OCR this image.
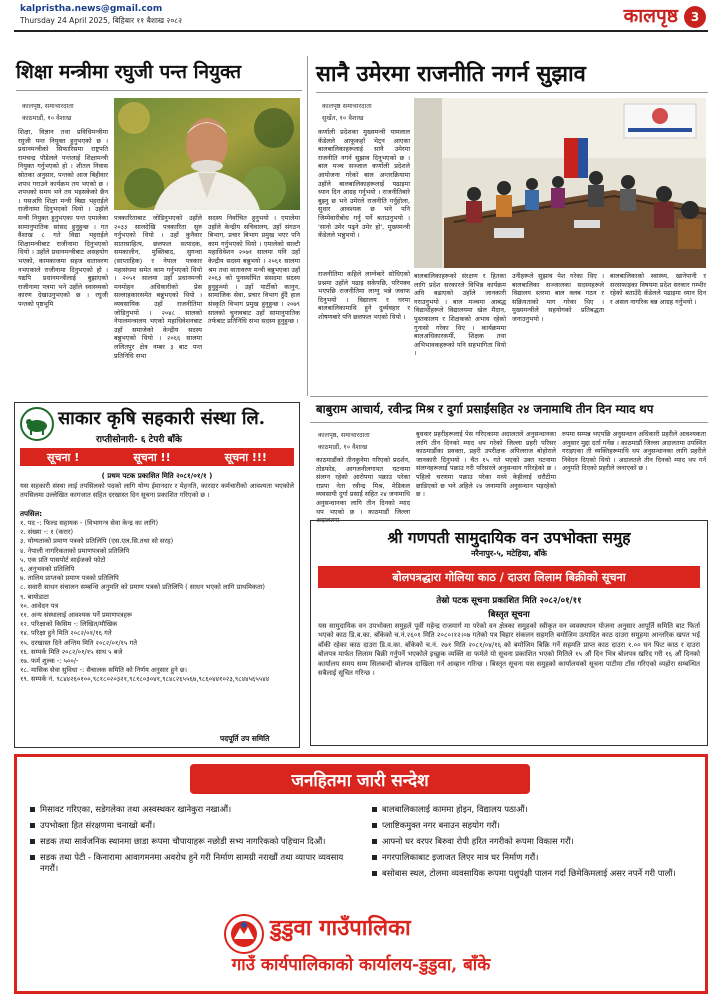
kalpristha.news@gmail.com
Thursday 24 April 2025, बिहिबार ११ बैशाख २०८२	कालपृष्ठ	3
शिक्षा मन्त्रीमा रघुजी पन्त नियुक्त
कालपृष्ठ, समाचारदाता
काठमाडौं, १० वैशाख
शिक्षा, विज्ञान तथा प्रविधिमन्त्रीमा रघुजी पन्त नियुक्त हुनुभएको छ । प्रधानमन्त्रीको सिफारिसमा राष्ट्रपति रामचन्द्र पौडेलले पन्तलाई शिक्षामन्त्री नियुक्त गर्नुभएको हो । शीतल निवास स्रोतका अनुसार, पन्तको आज बिहीवार शपथ गराउने कार्यक्रम तय भएको छ । शपथको समय भने तय भइसकेको छैन । यसअघि शिक्षा मन्त्री बिद्या भट्टराईले राजीनामा दिनुभएको थियो । उहाँले मन्त्री नियुक्त हुनुभएका पन्त एमालेका सामानुपातिक सांसद हुनुहुन्छ । गत वैशाख ८ गते विद्या भट्टराईले शिक्षामन्त्रीबाट राजीनामा दिनुभएको थियो । उहाँले प्रधानमन्त्रीबाट असहयोग भएको, कामकाजमा सहज वातावरण नभएकाले राजीनामा दिनुभएको हो । यद्यपि प्रधानमन्त्रीलाई बुझाएको राजीनामा पत्रमा भने उहाँले स्वास्थ्यको कारण देखाउनुभएको छ । रघुजी पन्तको पृष्ठभूमि
पत्रकारिताबाट जोडिनुभएको उहाँले २०३३ सालदेखि पत्रकारिता सुरु गर्नुभएको थियो । उहाँ कुनैवार सातासाहित्य, छलफल सत्पादक, समकालीन, मुक्तिबाद, सुगन्धा (साप्ताहिक) र नेपाल पत्रकार महासंघमा समेत काम गर्नुभएको थियो । २०५१ सालमा उहाँ प्रधानमन्त्री मनमोहन अधिकारीको प्रेस सल्लाहकारसमेत बन्नुभएको थियो । व्यवसायिक उहाँ राजनीतिमा जोडिनुभयो । २०४८ सालको नेपालमन्त्रालय भएको महाधिवेशनबाट उहाँ समाजेको केन्द्रीय सदस्य बन्नुभएको थियो । २०६६ सालमा ललितपुर क्षेत्र नम्बर ३ बाट पन्त प्रतिनिधि सभा
सदस्य निर्वाचित हुनुभयो । एमालेमा उहाँले केन्द्रीय सचिवालय, उहाँ संगठन बिभाग, प्रचार बिभाग प्रमुख भएर पनि काम गर्नुभएको थियो । एमालेको साल्टी महाधिवेशन २०७१ सालमा पनि उहाँ केन्द्रीय सदस्य बन्नुभयो । २०६१ सालमा श्रम तथा वातावरण मन्त्री बन्नुभएका उहाँ २०६३ को पुनर्स्थापित संसदमा सदस्य हुनुहुन्थ्यो । उहाँ पार्टीको कानुन, सामाजिक सेवा, प्रचार विभाग हुँदै हाल संस्कृति विभाग प्रमुख हुनुहुन्छ । २०७९ सालको चुनावबाट उहाँ सामानुपातिक तर्फबाट प्रतिनिधि सभा सदस्य हुनुहुन्छ ।
सानै उमेरमा राजनीति नगर्न सुझाव
कालपृष्ठ समाचारदाता
सुर्खेत, १० वैशाख
कर्णाली प्रदेशका मुख्यमन्त्री यामलाल कँडेलले आफूकहाँ भेट्न आएका बालबालिकाहरूलाई सानै उमेरमा राजनीति नगर्न सुझाव दिनुभएको छ । बाल मञ्च सञ्जाल कर्णाली प्रदेशले आयोजना गरेको बाल अन्तरक्रियामा उहाँले बालबालिकाहरूलाई पढाइमा ध्यान दिन आग्रह गर्नुभयो । राजनीतिबारे बुझ्नु छ भने उमेरले राजनीति गर्नुहोला, सुधार आवश्यक छ भने पनि जिम्मेवारीबोध गर्नु पर्ने बताउनुभयो । 'सानो उमेर पढ्ने उमेर हो', मुख्यमन्त्री कँडेलले भन्नुभयो ।
राजनीतिमा कहिले लाग्नेबारे सोधिएको प्रश्नमा उहाँले पढाइ सकेपछि, परिपक्व भएपछि राजनीतिमा लाग्नु भन्ने जवाफ दिनुभयो । विद्यालय र घरमा बालबालिकामाथि हुने दुर्व्यवहार र शोषणबारे पनि छलफल भएको थियो ।
बालबालिकाहरूको संरक्षण र हितका लागि प्रदेश सरकारले विभिन्न कार्यक्रम अघि बढाएको उहाँले जानकारी गराउनुभयो । बाल मञ्चमा आबद्ध विद्यार्थीहरूले विद्यालयमा खेल मैदान, पुस्तकालय र शिक्षकको अभाव रहेको गुनासो गरेका थिए । कार्यक्रममा बालअधिकारकर्मी, शिक्षक तथा अभिभावकहरूको पनि सहभागिता थियो ।
उनीहरूले सुझाव पेश गरेका थिए । बालबालिका सञ्जालका सदस्यहरूले विद्यालय स्तरमा बाल क्लब गठन र सक्रियताको माग गरेका थिए । मुख्यमन्त्रीले सहयोगको प्रतिबद्धता जनाउनुभयो ।
बालबालिकाको स्वास्थ्य, खानेपानी र सरसफाइका विषयमा प्रदेश सरकार गम्भीर रहेको बताउँदै कँडेलले पढाइमा ध्यान दिन र असल नागरिक बन्न आग्रह गर्नुभयो ।
बाबुराम आचार्य, रवीन्द्र मिश्र र दुर्गा प्रसाईंसहित २४ जनामाथि तीन दिन म्याद थप
कालपृष्ठ, समाचारदाता
काठमाडौं, १० वैशाख
काठमाडौंको तीनकुनेमा गरिएको प्रदर्शन, तोडफोड, आगजनीलगायत घटनामा संलग्न रहेको आरोपमा पक्राउ परेका राप्रपा नेता रवीन्द्र मिश्र, मेडिकल व्यवसायी दुर्गा प्रसाईं सहित २४ जनामाथि अनुसन्धानका लागि तीन दिनको म्याद थप भएको छ । काठमाडौं जिल्ला अदालतमा
बुधवार प्रहरीहरूलाई पेस गरिएकामा अदालतले अनुसन्धानका लागि तीन दिनको म्याद थप गरेको जिल्ला प्रहरी परिसर काठमाडौंका प्रवक्ता, प्रहरी उपरीक्षक अपिलराज बोहोराले जानकारी दिनुभयो । चैत १५ गते भएको उक्त घटनामा संलग्नहरूलाई पक्राउ गरी परिसरले अनुसन्धान गरिरहेको छ । पहिलो चरणमा पक्राउ परेका मध्ये केहीलाई धरौटीमा छाडिएको छ भने अहिले २४ जनामाथि अनुसन्धान भइरहेको छ ।
रुपमा सम्पन्न भएपछि अनुसन्धान अधिकारी प्रहरीले आवश्यकता अनुसार मुद्दा दर्ता गर्नेछ । काठमाडौं जिल्ला अदालतमा उपस्थित गराइएका ती व्यक्तिहरूमाथि थप अनुसन्धानका लागि प्रहरीले निवेदन दिएको थियो । अदालतले तीन दिनको म्याद थप गर्न अनुमति दिएको प्रहरीले जनाएको छ ।
साकार कृषि सहकारी संस्था लि.
राप्तीसोनारी- ६ टेपरी बाँके
सूचना !	सूचना !!	सूचना !!!
( प्रथम पटक प्रकाशित मिति २०८१/०१/१ )
यस सहकारी संस्था लाई तपसिलको पदको लागि योग्य ईमानदार र मेहनति, कारदार कर्मचारीको आवश्यता भएकोले तपसिलमा उल्लेखित कागजात सहित दरखास्त दिन सूचना प्रकाशित गरिएको छ ।
तपसिल:
१. पद -: फिल्ड सहायक - (विभागन्त्र सेवा केन्द्र का लागि)
२. संख्या -: १ (करार)
३. योग्यताको प्रमाण पत्रको प्रतिलिपि (एस.एल.सि.तथा सो सरह)
४. नेपाली नागरिकताको प्रमाणपत्रको प्रतिलिपि
५. एक प्रति पासपोर्ट साईजको फोटो
६. अनुभवको प्रतिलिपि
७. तालिम प्राप्तको प्रमाण पत्रको प्रतिलिपि
८. सवारी साधन संचालन सम्बन्धि अनुमति को प्रमाण पत्रको प्रतिलिपि ( साधन भएको लागि प्राथमिकता)
९. बायोडाटा
१०. आवेदन पत्र
११. अन्य संस्थालाई आवश्यक पर्ने प्रमाणपत्रहरू
१२. परिक्षाको किसिम -: लिखित/मौखिक
१४. परिक्षा हुने मिति २०८२/०१/१६ गते
१५. दरखास्त दिने अन्तिम मिति २०८२/०१/१५ गते
१६. सम्पर्क मिति २०८२/०१/१५ साथ ५ बजे
१७. फर्म शुल्क -: ५००/-
१८. मासिक सेवा सुविधा -: सैचालक समिति को निर्णय अनुसार हुने छ।
१९. सम्पर्क नं. ९८४४२६०१००,९८१८०२०३२१,९८१८०३०४१,९८४८२६५५६७,९८६०४४१०२३,९८४४५६५५४४
पदपूर्ति उप समिति
श्री गणपती सामुदायिक वन उपभोक्ता समुह
नरैनापुर-५, मटेहिया, बाँके
बोलपत्रद्धारा गोलिया काठ / दाउरा लिलाम बिक्रीको सूचना
तेस्रो पटक सूचना प्रकाशित मिति २०८२/०१/११
बिस्तृत सूचना
यस सामुदायिक वन उपभोक्ता समुहले पूर्वी महेन्द्र राजमार्ग मा परेको वन क्षेत्रका समुहको स्वीकृत वन व्यवस्थापन योजना अनुसार आपूर्ति समिति बाट फिर्ता भएको काठ डि.ब.का. बाँकेको च.नं.२६०१ मिति २०८०।१२।०७ गतेको पत्र बिहार संकलन सहमति बमोजिम उत्पादित काठ दाउरा समूहमा आन्तरिक खपत भई बाँकी रहेका काठ दाउरा डि.व.का. बाँकेको च.नं. २७१ मिति २०८१/०४/१६ को बमोजिम बिक्रि गर्ने सहमति प्राप्त काठ दाउरा १.०० घन फिट काठ र दाउरा बोलपत्र मार्फत लिलाम बिक्री गर्नुपर्ने भएकोले इच्छुक व्यक्ति वा फर्मले यो सूचना प्रकाशित भएको मितिले १५ औं दिन भित्र बोलपत्र खरिद गरी १६ औं दिनको कार्यालय समय सम्म सिलबन्दी बोलपत्र दाखिला गर्न आव्हान गरिन्छ । बिस्तृत सूचना यस समुहको कार्यालयको सूचना पाटीमा टाँस गरिएको व्यहोरा सम्बन्धित सबैलाई सूचित गरिन्छ ।
जनहितमा जारी सन्देश
मिसावट गरिएका, सडेगलेका तथा अस्वस्थकर खानेकुरा नखाऔं।
उपभोक्ता हित संरक्षणमा चनाखो बनौं।
सडक तथा सार्वजनिक स्थानमा छाडा रूपमा चौपायाहरू नछोडी सभ्य नागरिकको पहिचान दिऔं।
सडक तथा पेटी - किनारामा आवागमनमा अवरोध हुने गरी निर्माण सामग्री नराखौं तथा व्यापार व्यवसाय नगरौं।
बालबालिकालाई काममा होइन, विद्यालय पठाऔं।
प्लाष्टिकमुक्त नगर बनाउन सहयोग गरौं।
आफ्नो घर वरपर बिरुवा रोपी हरित नगरीको रूपमा विकास गरौं।
नगरपालिकाबाट इजाजत लिएर मात्र घर निर्माण गरौं।
बसोबास स्थल, टोलमा व्यवसायिक रूपमा पशुपंक्षी पालन गर्दा छिमेकिमलाई असर नपर्ने गरी पालौं।
डुडुवा गाउँपालिका
गाउँ कार्यपालिकाको कार्यालय-डुडुवा, बाँके
